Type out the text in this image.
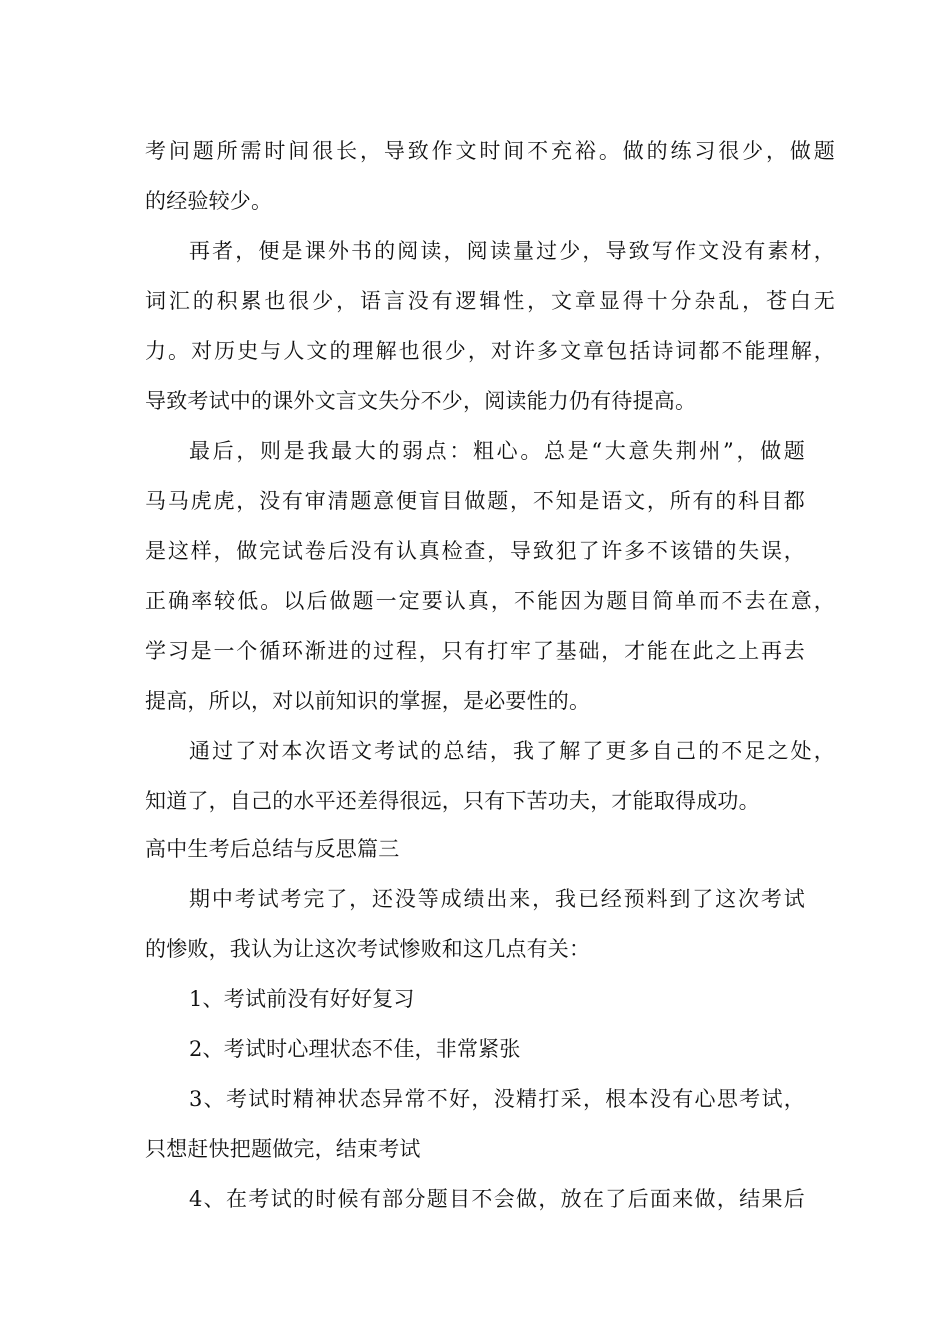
考问题所需时间很长，导致作文时间不充裕。做的练习很少，做题
的经验较少。
再者，便是课外书的阅读，阅读量过少，导致写作文没有素材，
词汇的积累也很少，语言没有逻辑性，文章显得十分杂乱，苍白无
力。对历史与人文的理解也很少，对许多文章包括诗词都不能理解，
导致考试中的课外文言文失分不少，阅读能力仍有待提高。
最后，则是我最大的弱点：粗心。总是“大意失荆州”，做题
马马虎虎，没有审清题意便盲目做题，不知是语文，所有的科目都
是这样，做完试卷后没有认真检查，导致犯了许多不该错的失误，
正确率较低。以后做题一定要认真，不能因为题目简单而不去在意，
学习是一个循环渐进的过程，只有打牢了基础，才能在此之上再去
提高，所以，对以前知识的掌握，是必要性的。
通过了对本次语文考试的总结，我了解了更多自己的不足之处，
知道了，自己的水平还差得很远，只有下苦功夫，才能取得成功。
高中生考后总结与反思篇三
期中考试考完了，还没等成绩出来，我已经预料到了这次考试
的惨败，我认为让这次考试惨败和这几点有关：
1、考试前没有好好复习
2、考试时心理状态不佳，非常紧张
3、考试时精神状态异常不好，没精打采，根本没有心思考试，
只想赶快把题做完，结束考试
4、在考试的时候有部分题目不会做，放在了后面来做，结果后
